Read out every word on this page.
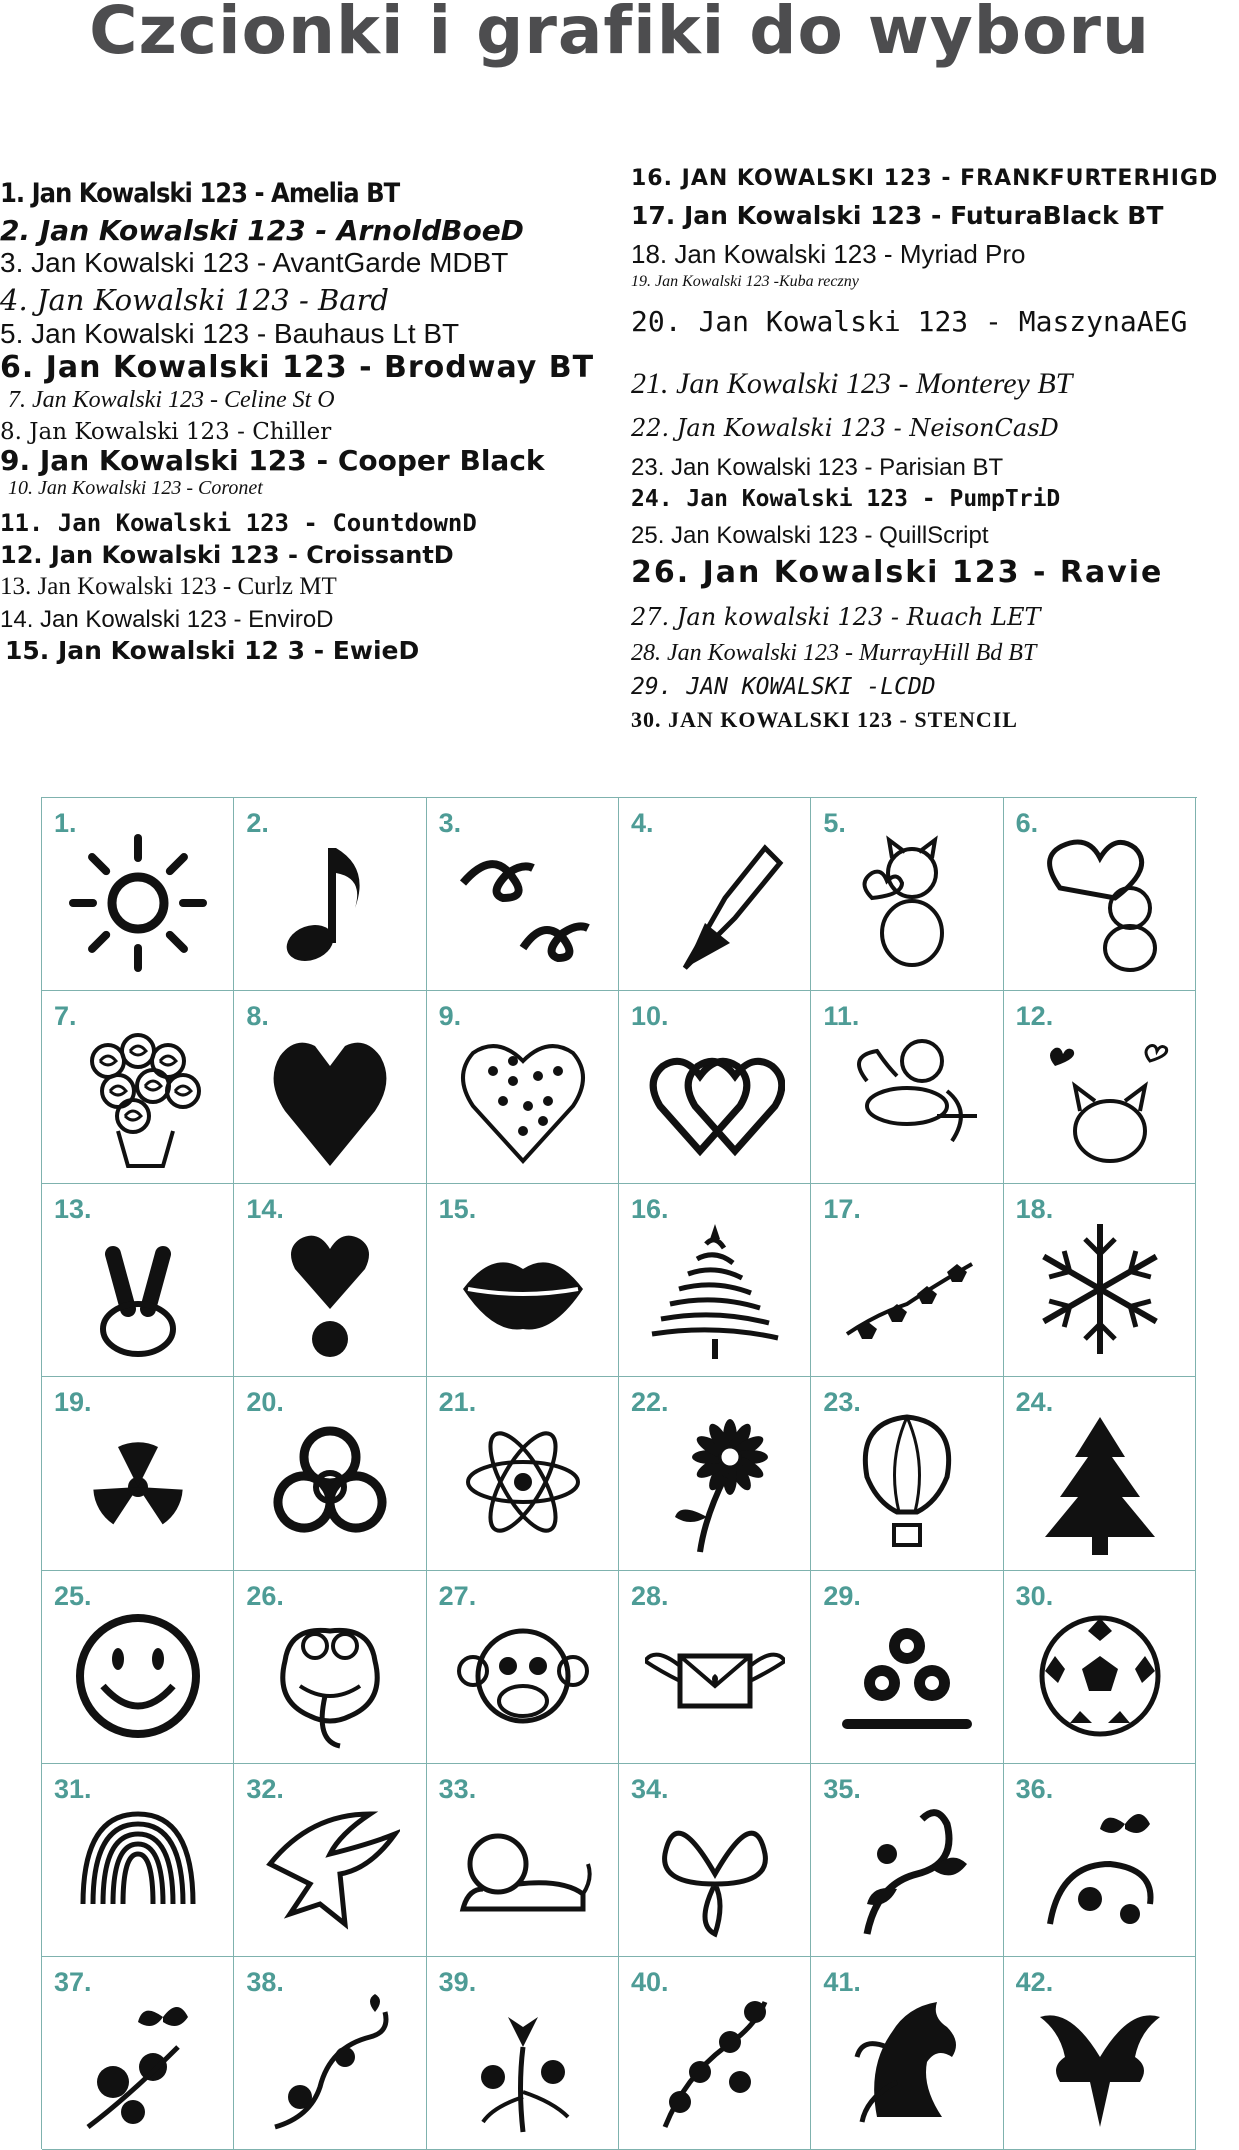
Czcionki i grafiki do wyboru
1. Jan Kowalski 123 - Amelia BT
2. Jan Kowalski 123 - ArnoldBoeD
3. Jan Kowalski 123 - AvantGarde MDBT
4. Jan Kowalski 123 - Bard
5. Jan Kowalski 123 - Bauhaus Lt BT
6. Jan Kowalski 123 - Brodway BT
7. Jan Kowalski 123 - Celine St O
8. Jan Kowalski 123 - Chiller
9. Jan Kowalski 123 - Cooper Black
10. Jan Kowalski 123 - Coronet
11. Jan Kowalski 123 - CountdownD
12. Jan Kowalski 123 - CroissantD
13. Jan Kowalski 123 - Curlz MT
14. Jan Kowalski 123 - EnviroD
15. Jan Kowalski 12 3 - EwieD
16. JAN KOWALSKI 123 - FRANKFURTERHIGD
17. Jan Kowalski 123 - FuturaBlack BT
18. Jan Kowalski 123 - Myriad Pro
19. Jan Kowalski 123 -Kuba reczny
20. Jan Kowalski 123 - MaszynaAEG
21. Jan Kowalski 123 - Monterey BT
22. Jan Kowalski 123 - NeisonCasD
23. Jan Kowalski 123 - Parisian BT
24. Jan Kowalski 123 - PumpTriD
25. Jan Kowalski 123 - QuillScript
26. Jan Kowalski 123 - Ravie
27. Jan kowalski 123 - Ruach LET
28. Jan Kowalski 123 - MurrayHill Bd BT
29. JAN KOWALSKI -LCDD
30. JAN KOWALSKI 123 - STENCIL
1.	2.	3.	4.	5.	6.
7.	8.	9.	10.	11.	12.
13.	14.	15.	16.	17.	18.
19.	20.	21.	22.	23.	24.
25.	26.	27.	28.	29.	30.
31.	32.	33.	34.	35.	36.
37.	38.	39.	40.	41.	42.
